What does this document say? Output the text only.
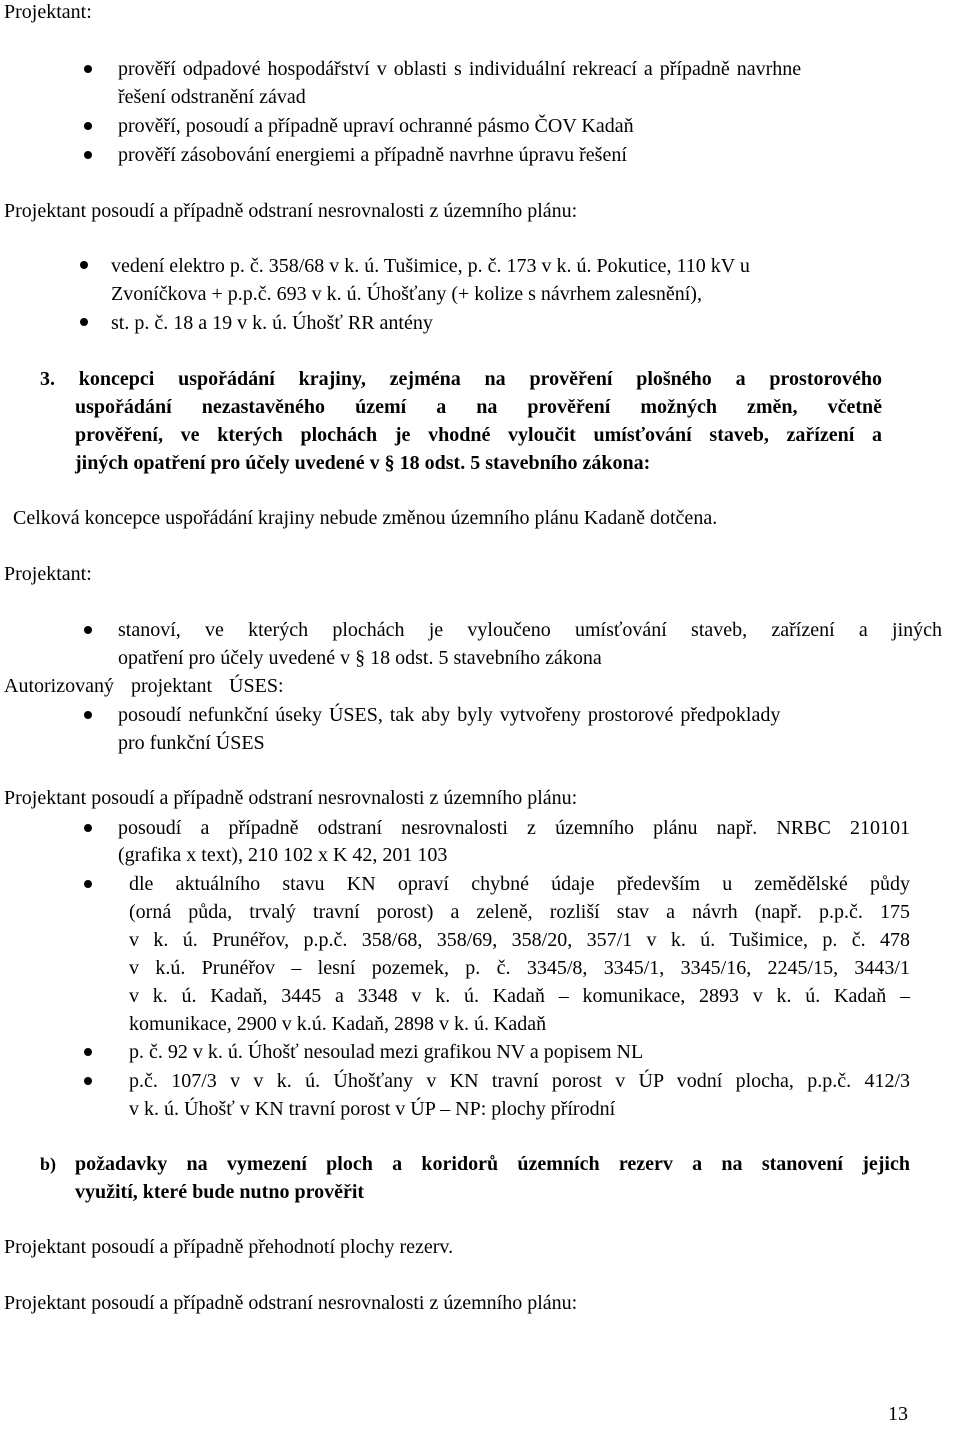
Projektant:
prověří odpadové hospodářství v oblasti s individuální rekreací a případně navrhne
řešení odstranění závad
prověří, posoudí a případně upraví ochranné pásmo ČOV Kadaň
prověří zásobování energiemi a případně navrhne úpravu řešení
Projektant posoudí a případně odstraní nesrovnalosti z územního plánu:
vedení elektro p. č. 358/68 v k. ú. Tušimice, p. č. 173 v k. ú. Pokutice, 110 kV u
Zvoníčkova + p.p.č. 693 v k. ú. Úhošťany (+ kolize s návrhem zalesnění),
st. p. č. 18 a 19 v k. ú. Úhošť RR antény
3. koncepci uspořádání krajiny, zejména na prověření plošného a prostorového
uspořádání nezastavěného území a na prověření možných změn, včetně
prověření, ve kterých plochách je vhodné vyloučit umísťování staveb, zařízení a
jiných opatření pro účely uvedené v § 18 odst. 5 stavebního zákona:
Celková koncepce uspořádání krajiny nebude změnou územního plánu Kadaně dotčena.
Projektant:
stanoví, ve kterých plochách je vyloučeno umísťování staveb, zařízení a jiných
opatření pro účely uvedené v § 18 odst. 5 stavebního zákona
Autorizovaný projektant ÚSES:
posoudí nefunkční úseky ÚSES, tak aby byly vytvořeny prostorové předpoklady
pro funkční ÚSES
Projektant posoudí a případně odstraní nesrovnalosti z územního plánu:
posoudí a případně odstraní nesrovnalosti z územního plánu např. NRBC 210101
(grafika x text), 210 102 x K 42, 201 103
dle aktuálního stavu KN opraví chybné údaje především u zemědělské půdy
(orná půda, trvalý travní porost) a zeleně, rozliší stav a návrh (např. p.p.č. 175
v k. ú. Prunéřov, p.p.č. 358/68, 358/69, 358/20, 357/1 v k. ú. Tušimice, p. č. 478
v k.ú. Prunéřov – lesní pozemek, p. č. 3345/8, 3345/1, 3345/16, 2245/15, 3443/1
v k. ú. Kadaň, 3445 a 3348 v k. ú. Kadaň – komunikace, 2893 v k. ú. Kadaň –
komunikace, 2900 v k.ú. Kadaň, 2898 v k. ú. Kadaň
p. č. 92 v k. ú. Úhošť nesoulad mezi grafikou NV a popisem NL
p.č. 107/3 v v k. ú. Úhošťany v KN travní porost v ÚP vodní plocha, p.p.č. 412/3
v k. ú. Úhošť v KN travní porost v ÚP – NP: plochy přírodní
b) požadavky na vymezení ploch a koridorů územních rezerv a na stanovení jejich
využití, které bude nutno prověřit
Projektant posoudí a případně přehodnotí plochy rezerv.
Projektant posoudí a případně odstraní nesrovnalosti z územního plánu:
13
